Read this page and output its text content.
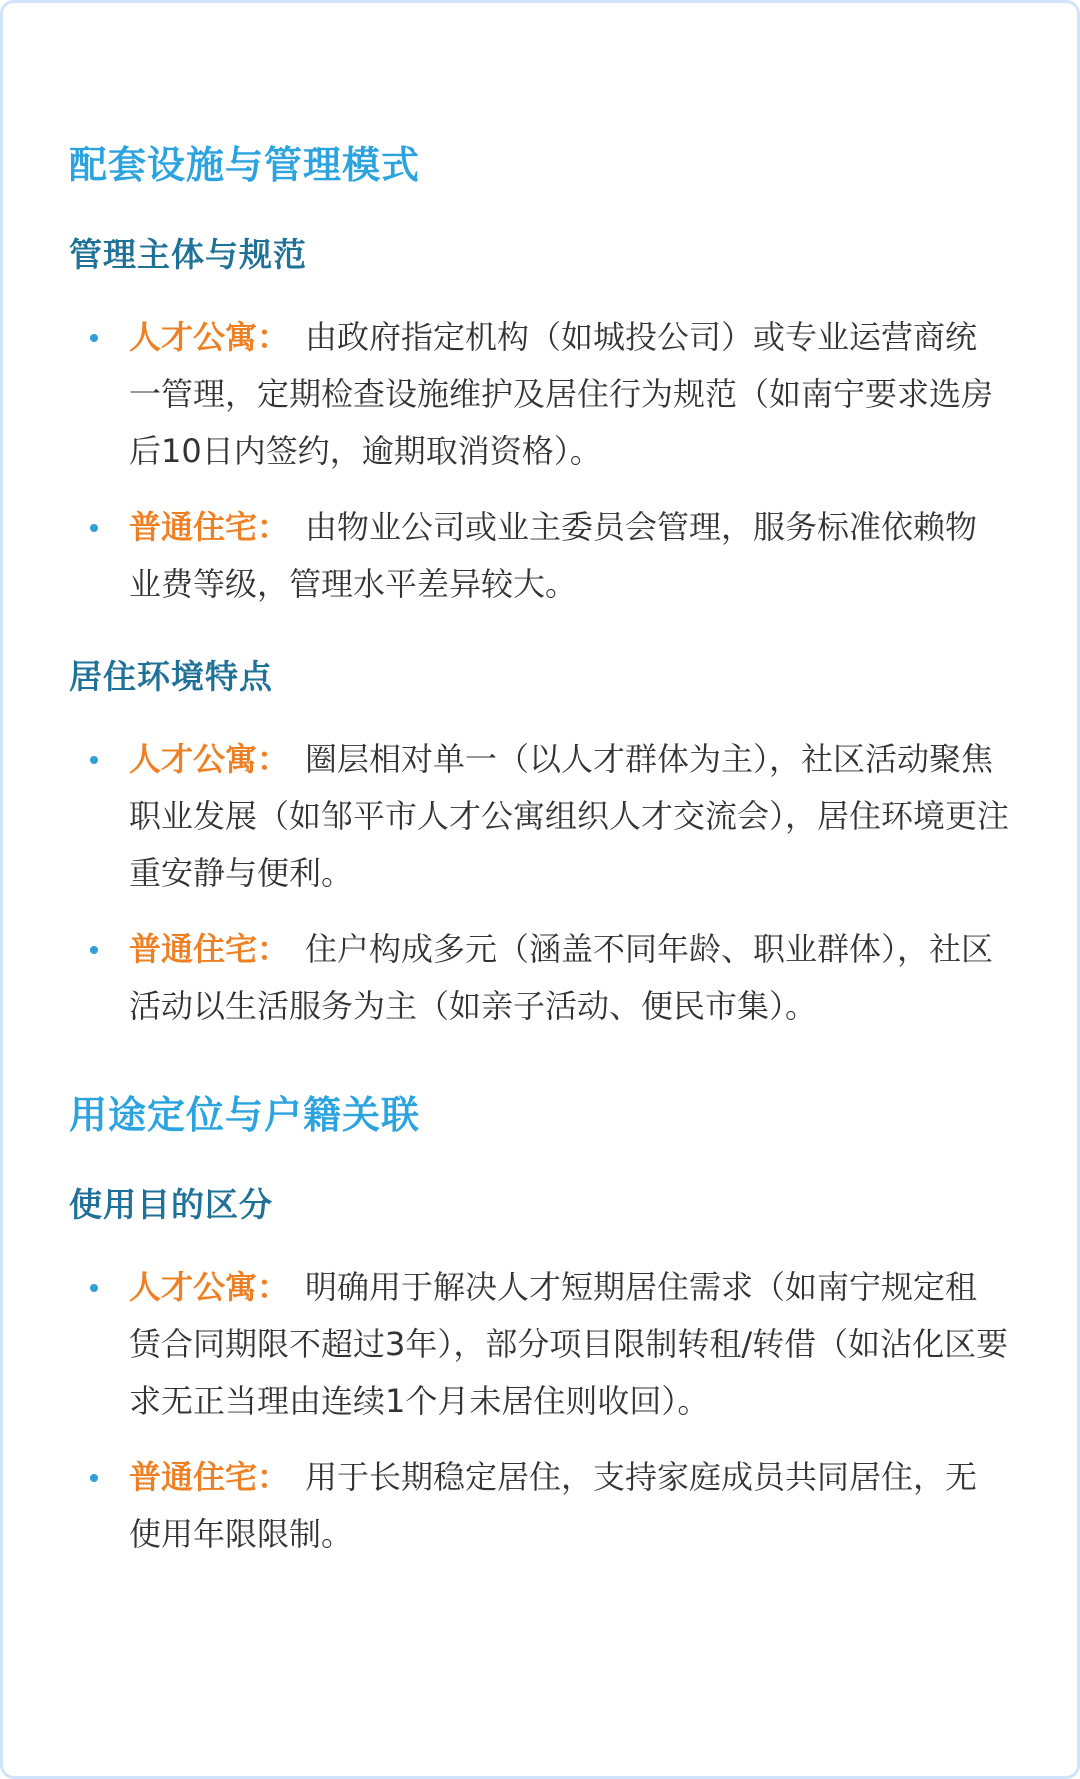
配套设施与管理模式
管理主体与规范
人才公寓： 由政府指定机构（如城投公司）或专业运营商统一管理，定期检查设施维护及居住行为规范（如南宁要求选房后10日内签约，逾期取消资格）。
普通住宅： 由物业公司或业主委员会管理，服务标准依赖物业费等级，管理水平差异较大。
居住环境特点
人才公寓： 圈层相对单一（以人才群体为主），社区活动聚焦职业发展（如邹平市人才公寓组织人才交流会），居住环境更注重安静与便利。
普通住宅： 住户构成多元（涵盖不同年龄、职业群体），社区活动以生活服务为主（如亲子活动、便民市集）。
用途定位与户籍关联
使用目的区分
人才公寓： 明确用于解决人才短期居住需求（如南宁规定租赁合同期限不超过3年），部分项目限制转租/转借（如沾化区要求无正当理由连续1个月未居住则收回）。
普通住宅： 用于长期稳定居住，支持家庭成员共同居住，无使用年限限制。
